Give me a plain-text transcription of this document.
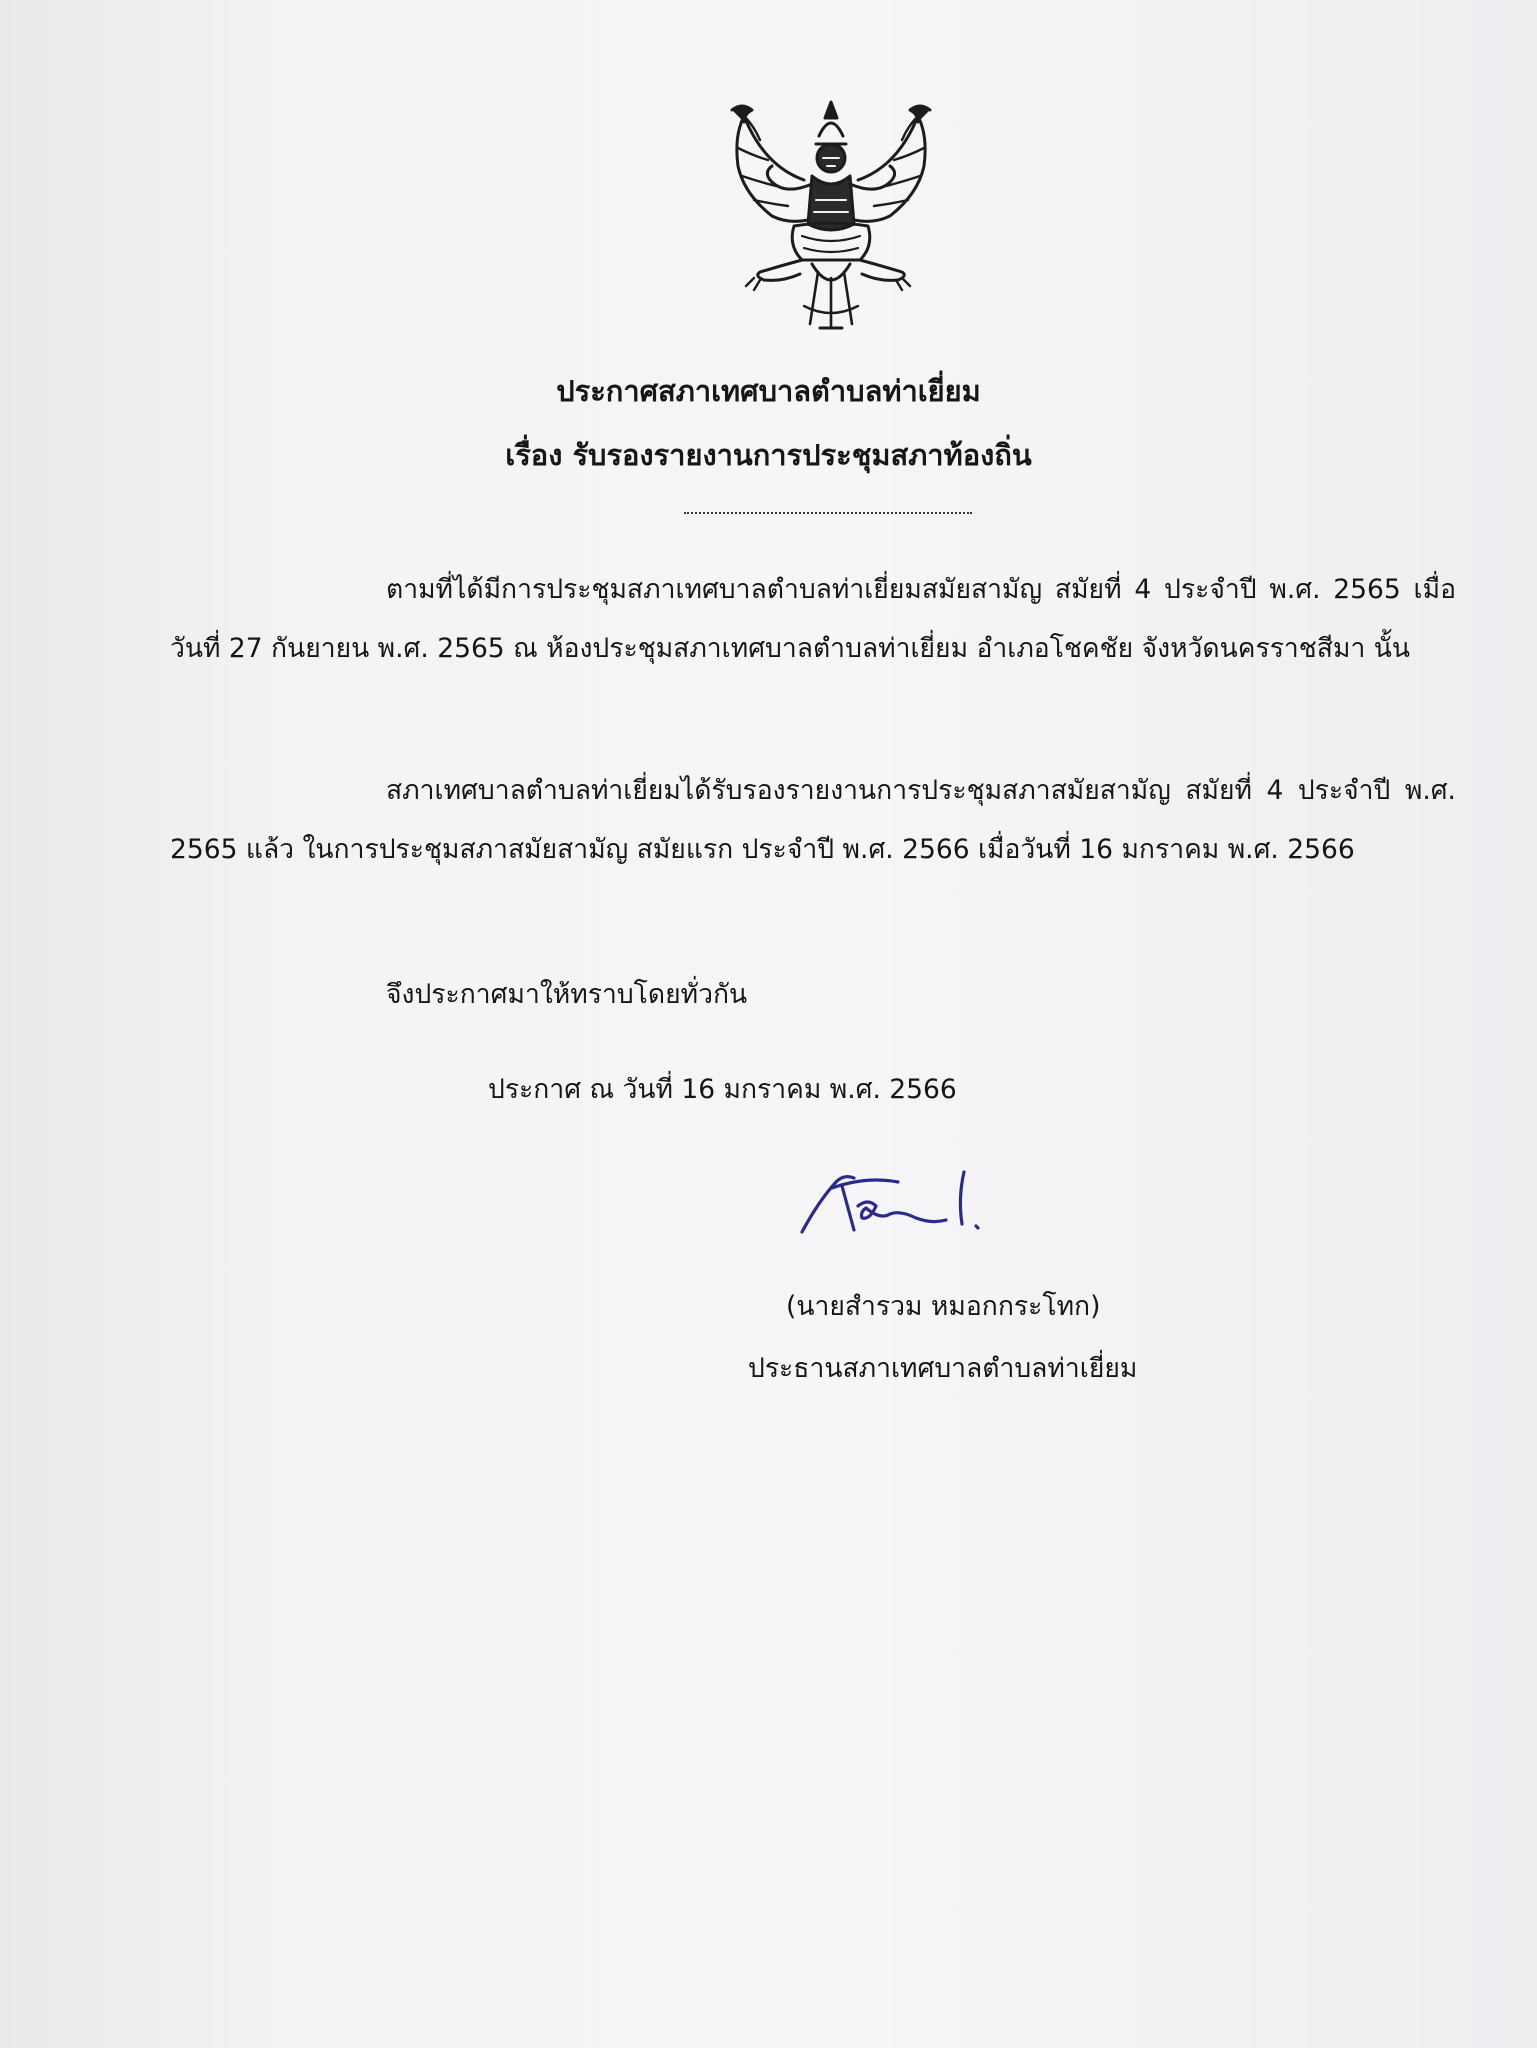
ประกาศสภาเทศบาลตำบลท่าเยี่ยม
เรื่อง รับรองรายงานการประชุมสภาท้องถิ่น

ตามที่ได้มีการประชุมสภาเทศบาลตำบลท่าเยี่ยมสมัยสามัญ สมัยที่ 4 ประจำปี พ.ศ. 2565 เมื่อวันที่ 27 กันยายน พ.ศ. 2565 ณ ห้องประชุมสภาเทศบาลตำบลท่าเยี่ยม อำเภอโชคชัย จังหวัดนครราชสีมา นั้น

สภาเทศบาลตำบลท่าเยี่ยมได้รับรองรายงานการประชุมสภาสมัยสามัญ สมัยที่ 4 ประจำปี พ.ศ. 2565 แล้ว ในการประชุมสภาสมัยสามัญ สมัยแรก ประจำปี พ.ศ. 2566 เมื่อวันที่ 16 มกราคม พ.ศ. 2566

จึงประกาศมาให้ทราบโดยทั่วกัน

ประกาศ ณ วันที่ 16 มกราคม พ.ศ. 2566

(นายสำรวม หมอกกระโทก)

ประธานสภาเทศบาลตำบลท่าเยี่ยม
